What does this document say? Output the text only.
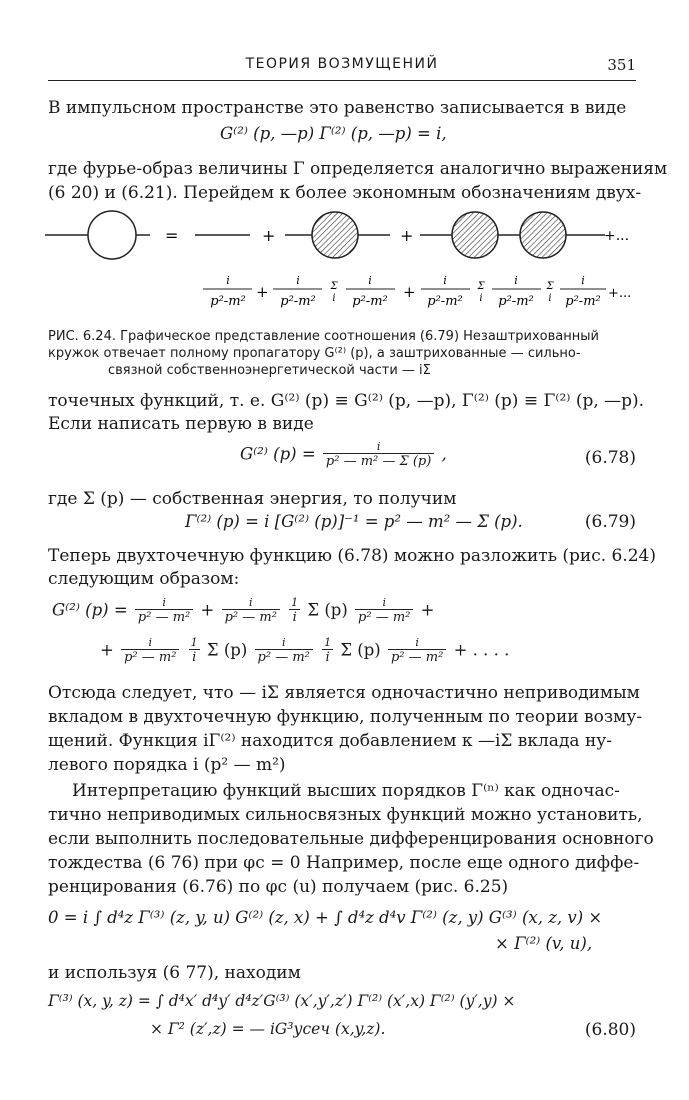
ТЕОРИЯ ВОЗМУЩЕНИЙ	351
В импульсном пространстве это равенство записывается в виде
G⁽²⁾ (p, —p) Γ⁽²⁾ (p, —p) = i,
где фурье-образ величины Γ определяется аналогично выражениям
(6 20) и (6.21). Перейдем к более экономным обозначениям двух-
=	+	+	+...
i
p²-m²
+
i
p²-m²
Σ
i
i
p²-m²
+
i
p²-m²
Σ
i
i
p²-m²
Σ
i
i
p²-m²
+...
РИС. 6.24. Графическое представление соотношения (6.79) Незаштрихованный
кружок отвечает полному пропагатору G⁽²⁾ (p), а заштрихованные — сильно-
связной собственноэнергетической части — iΣ
точечных функций, т. е. G⁽²⁾ (p) ≡ G⁽²⁾ (p, —p), Γ⁽²⁾ (p) ≡ Γ⁽²⁾ (p, —p).
Если написать первую в виде
G⁽²⁾ $(p) = \frac{i}{\text{p² — m² — Σ (p)}}$ ,	(6.78)
где Σ (p) — собственная энергия, то получим
Γ⁽²⁾ (p) = i [G⁽²⁾ (p)]⁻¹ = p² — m² — Σ (p).	(6.79)
Теперь двухточечную функцию (6.78) можно разложить (рис. 6.24)
следующим образом:
G⁽²⁾ $(p) = \frac{i}{\text{p² — m²}} + \frac{i}{\text{p² — m²}}$
$\frac{1}{i}$ Σ $(p) \frac{i}{\text{p² — m²}}$ +
+ $\frac{i}{\text{p² — m²}}$
$\frac{1}{i}$ Σ $(p) \frac{i}{\text{p² — m²}}$
$\frac{1}{i}$ Σ $(p) \frac{i}{\text{p² — m²}}$ + . . . .
Отсюда следует, что — iΣ является одночастично неприводимым
вкладом в двухточечную функцию, полученным по теории возму-
щений. Функция iΓ⁽²⁾ находится добавлением к —iΣ вклада ну-
левого порядка i (p² — m²)
Интерпретацию функций высших порядков Γ⁽ⁿ⁾ как одночас-
тично неприводимых сильносвязных функций можно установить,
если выполнить последовательные дифференцирования основного
тождества (6 76) при φc = 0 Например, после еще одного диффе-
ренцирования (6.76) по φc (u) получаем (рис. 6.25)
0 = i ∫ d⁴z Γ⁽³⁾ (z, y, u) G⁽²⁾ (z, x) + ∫ d⁴z d⁴v Γ⁽²⁾ (z, y) G⁽³⁾ (x, z, v) ×
× Γ⁽²⁾ (v, u),
и используя (6 77), находим
Γ⁽³⁾ (x, y, z) = ∫ d⁴x′ d⁴y′ d⁴z′G⁽³⁾ (x′,y′,z′) Γ⁽²⁾ (x′,x) Γ⁽²⁾ (y′,y) ×
× Γ² (z′,z) = — iG³усеч (x,y,z).	(6.80)
